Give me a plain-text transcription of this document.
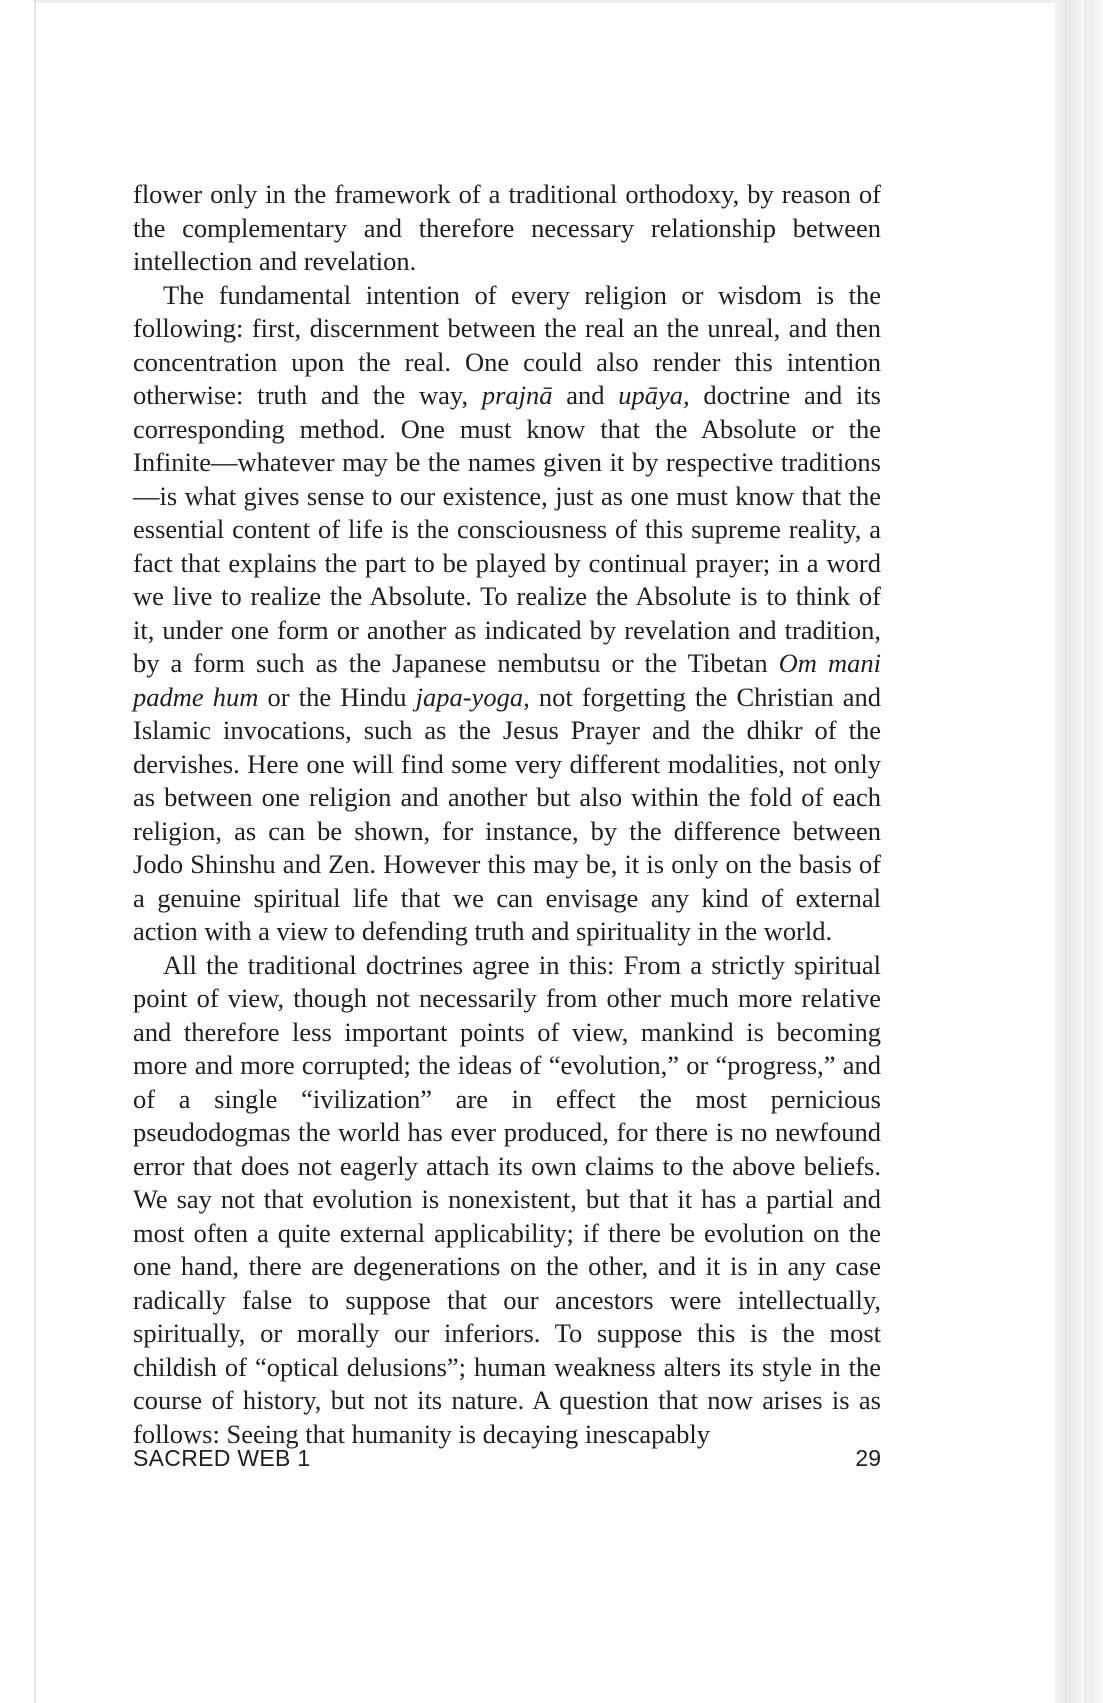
flower only in the framework of a traditional orthodoxy, by reason of the complementary and therefore necessary relationship between intellection and revelation.

The fundamental intention of every religion or wisdom is the following: first, discernment between the real an the unreal, and then concentration upon the real. One could also render this intention otherwise: truth and the way, prajnā and upāya, doctrine and its corresponding method. One must know that the Absolute or the Infinite—whatever may be the names given it by respective traditions—is what gives sense to our existence, just as one must know that the essential content of life is the consciousness of this supreme reality, a fact that explains the part to be played by continual prayer; in a word we live to realize the Absolute. To realize the Absolute is to think of it, under one form or another as indicated by revelation and tradition, by a form such as the Japanese nembutsu or the Tibetan Om mani padme hum or the Hindu japa-yoga, not forgetting the Christian and Islamic invocations, such as the Jesus Prayer and the dhikr of the dervishes. Here one will find some very different modalities, not only as between one religion and another but also within the fold of each religion, as can be shown, for instance, by the difference between Jodo Shinshu and Zen. However this may be, it is only on the basis of a genuine spiritual life that we can envisage any kind of external action with a view to defending truth and spirituality in the world.

All the traditional doctrines agree in this: From a strictly spiritual point of view, though not necessarily from other much more relative and therefore less important points of view, mankind is becoming more and more corrupted; the ideas of “evolution,” or “progress,” and of a single “ivilization” are in effect the most pernicious pseudodogmas the world has ever produced, for there is no newfound error that does not eagerly attach its own claims to the above beliefs. We say not that evolution is nonexistent, but that it has a partial and most often a quite external applicability; if there be evolution on the one hand, there are degenerations on the other, and it is in any case radically false to suppose that our ancestors were intellectually, spiritually, or morally our inferiors. To suppose this is the most childish of “optical delusions”; human weakness alters its style in the course of history, but not its nature. A question that now arises is as follows: Seeing that humanity is decaying inescapably

SACRED WEB 1	29
